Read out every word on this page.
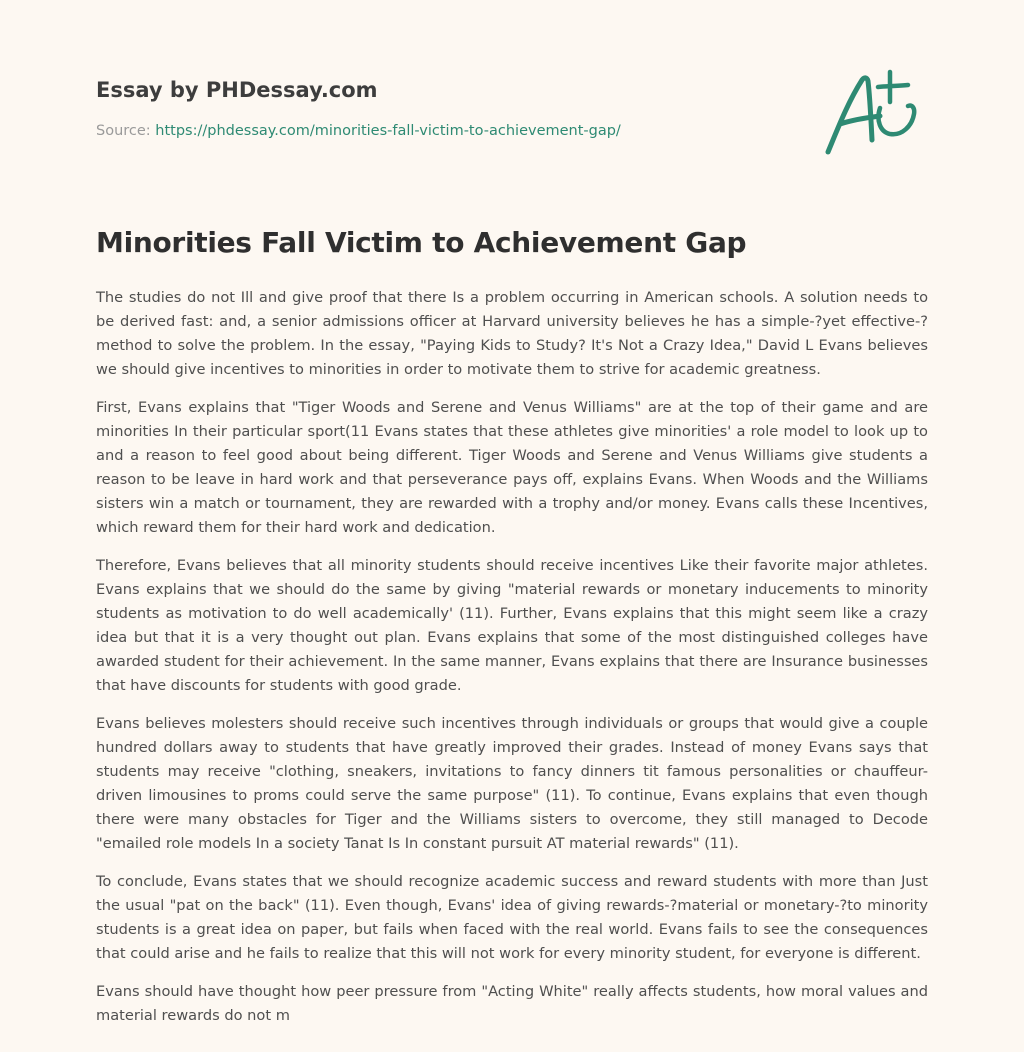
Essay by PHDessay.com
Source: https://phdessay.com/minorities-fall-victim-to-achievement-gap/
Minorities Fall Victim to Achievement Gap

The studies do not Ill and give proof that there Is a problem occurring in American schools. A solution needs to be derived fast: and, a senior admissions officer at Harvard university believes he has a simple-?yet effective-?method to solve the problem. In the essay, "Paying Kids to Study? It's Not a Crazy Idea," David L Evans believes we should give incentives to minorities in order to motivate them to strive for academic greatness.

First, Evans explains that "Tiger Woods and Serene and Venus Williams" are at the top of their game and are minorities In their particular sport(11 Evans states that these athletes give minorities' a role model to look up to and a reason to feel good about being different. Tiger Woods and Serene and Venus Williams give students a reason to be leave in hard work and that perseverance pays off, explains Evans. When Woods and the Williams sisters win a match or tournament, they are rewarded with a trophy and/or money. Evans calls these Incentives, which reward them for their hard work and dedication.

Therefore, Evans believes that all minority students should receive incentives Like their favorite major athletes. Evans explains that we should do the same by giving "material rewards or monetary inducements to minority students as motivation to do well academically' (11). Further, Evans explains that this might seem like a crazy idea but that it is a very thought out plan. Evans explains that some of the most distinguished colleges have awarded student for their achievement. In the same manner, Evans explains that there are Insurance businesses that have discounts for students with good grade.

Evans believes molesters should receive such incentives through individuals or groups that would give a couple hundred dollars away to students that have greatly improved their grades. Instead of money Evans says that students may receive "clothing, sneakers, invitations to fancy dinners tit famous personalities or chauffeur-driven limousines to proms could serve the same purpose" (11). To continue, Evans explains that even though there were many obstacles for Tiger and the Williams sisters to overcome, they still managed to Decode "emailed role models In a society Tanat Is In constant pursuit AT material rewards" (11).

To conclude, Evans states that we should recognize academic success and reward students with more than Just the usual "pat on the back" (11). Even though, Evans' idea of giving rewards-?material or monetary-?to minority students is a great idea on paper, but fails when faced with the real world. Evans fails to see the consequences that could arise and he fails to realize that this will not work for every minority student, for everyone is different.

Evans should have thought how peer pressure from "Acting White" really affects students, how moral values and material rewards do not m
